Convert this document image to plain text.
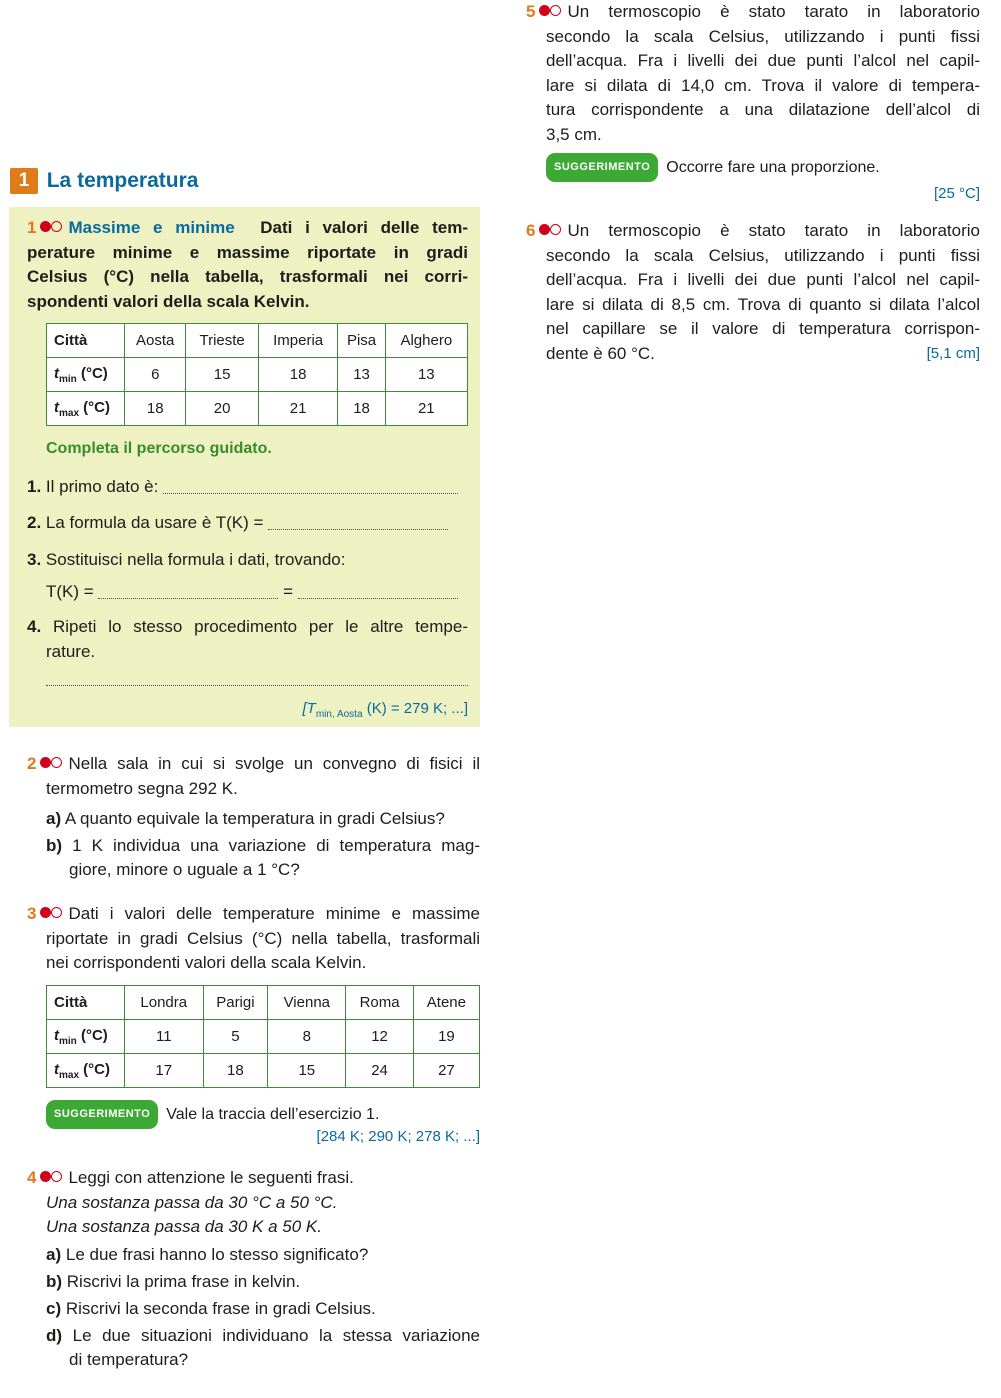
5 Un termoscopio è stato tarato in laboratorio
secondo la scala Celsius, utilizzando i punti fissi
dell’acqua. Fra i livelli dei due punti l’alcol nel capil-
lare si dilata di 14,0 cm. Trova il valore di tempera-
tura corrispondente a una dilatazione dell’alcol di
3,5 cm.
SUGGERIMENTO Occorre fare una proporzione.
[25 °C]
6 Un termoscopio è stato tarato in laboratorio
secondo la scala Celsius, utilizzando i punti fissi
dell’acqua. Fra i livelli dei due punti l’alcol nel capil-
lare si dilata di 8,5 cm. Trova di quanto si dilata l’alcol
nel capillare se il valore di temperatura corrispon-
dente è 60 °C.	[5,1 cm]
1 La temperatura
1 Massime e minime Dati i valori delle tem-
perature minime e massime riportate in gradi
Celsius (°C) nella tabella, trasformali nei corri-
spondenti valori della scala Kelvin.
Città	Aosta	Trieste	Imperia	Pisa	Alghero
$t_{min}$ (°C)	6	15	18	13	13
$t_{max}$ (°C)	18	20	21	18	21
Completa il percorso guidato.
1. Il primo dato è:
2. La formula da usare è T(K) =
3. Sostituisci nella formula i dati, trovando:
T(K) =	=
4. Ripeti lo stesso procedimento per le altre tempe-
rature.
[$T_{min, Aosta}$ (K) = 279 K; ...]
2 Nella sala in cui si svolge un convegno di fisici il
termometro segna 292 K.
a) A quanto equivale la temperatura in gradi Celsius?
b) 1 K individua una variazione di temperatura mag-
giore, minore o uguale a 1 °C?
3 Dati i valori delle temperature minime e massime
riportate in gradi Celsius (°C) nella tabella, trasformali
nei corrispondenti valori della scala Kelvin.
Città	Londra	Parigi	Vienna	Roma	Atene
$t_{min}$ (°C)	11	5	8	12	19
$t_{max}$ (°C)	17	18	15	24	27
SUGGERIMENTO Vale la traccia dell’esercizio 1.
[284 K; 290 K; 278 K; ...]
4 Leggi con attenzione le seguenti frasi.
Una sostanza passa da 30 °C a 50 °C.
Una sostanza passa da 30 K a 50 K.
a) Le due frasi hanno lo stesso significato?
b) Riscrivi la prima frase in kelvin.
c) Riscrivi la seconda frase in gradi Celsius.
d) Le due situazioni individuano la stessa variazione
di temperatura?
